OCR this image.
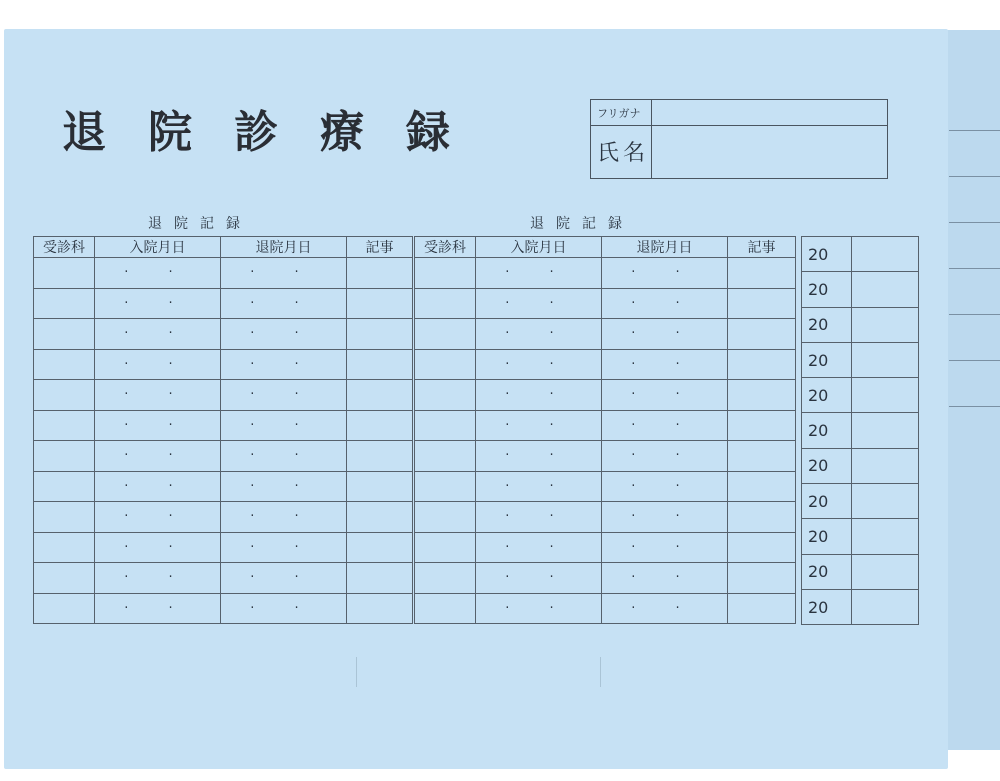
退院診療録	フリガナ
氏名
退院記録	退院記録
受診科	入院月日	退院月日	記事
	· ·	· ·	
	· ·	· ·	
	· ·	· ·	
	· ·	· ·	
	· ·	· ·	
	· ·	· ·	
	· ·	· ·	
	· ·	· ·	
	· ·	· ·	
	· ·	· ·	
	· ·	· ·	
	· ·	· ·	
受診科	入院月日	退院月日	記事
	· ·	· ·	
	· ·	· ·	
	· ·	· ·	
	· ·	· ·	
	· ·	· ·	
	· ·	· ·	
	· ·	· ·	
	· ·	· ·	
	· ·	· ·	
	· ·	· ·	
	· ·	· ·	
	· ·	· ·	
20	
20	
20	
20	
20	
20	
20	
20	
20	
20	
20	
